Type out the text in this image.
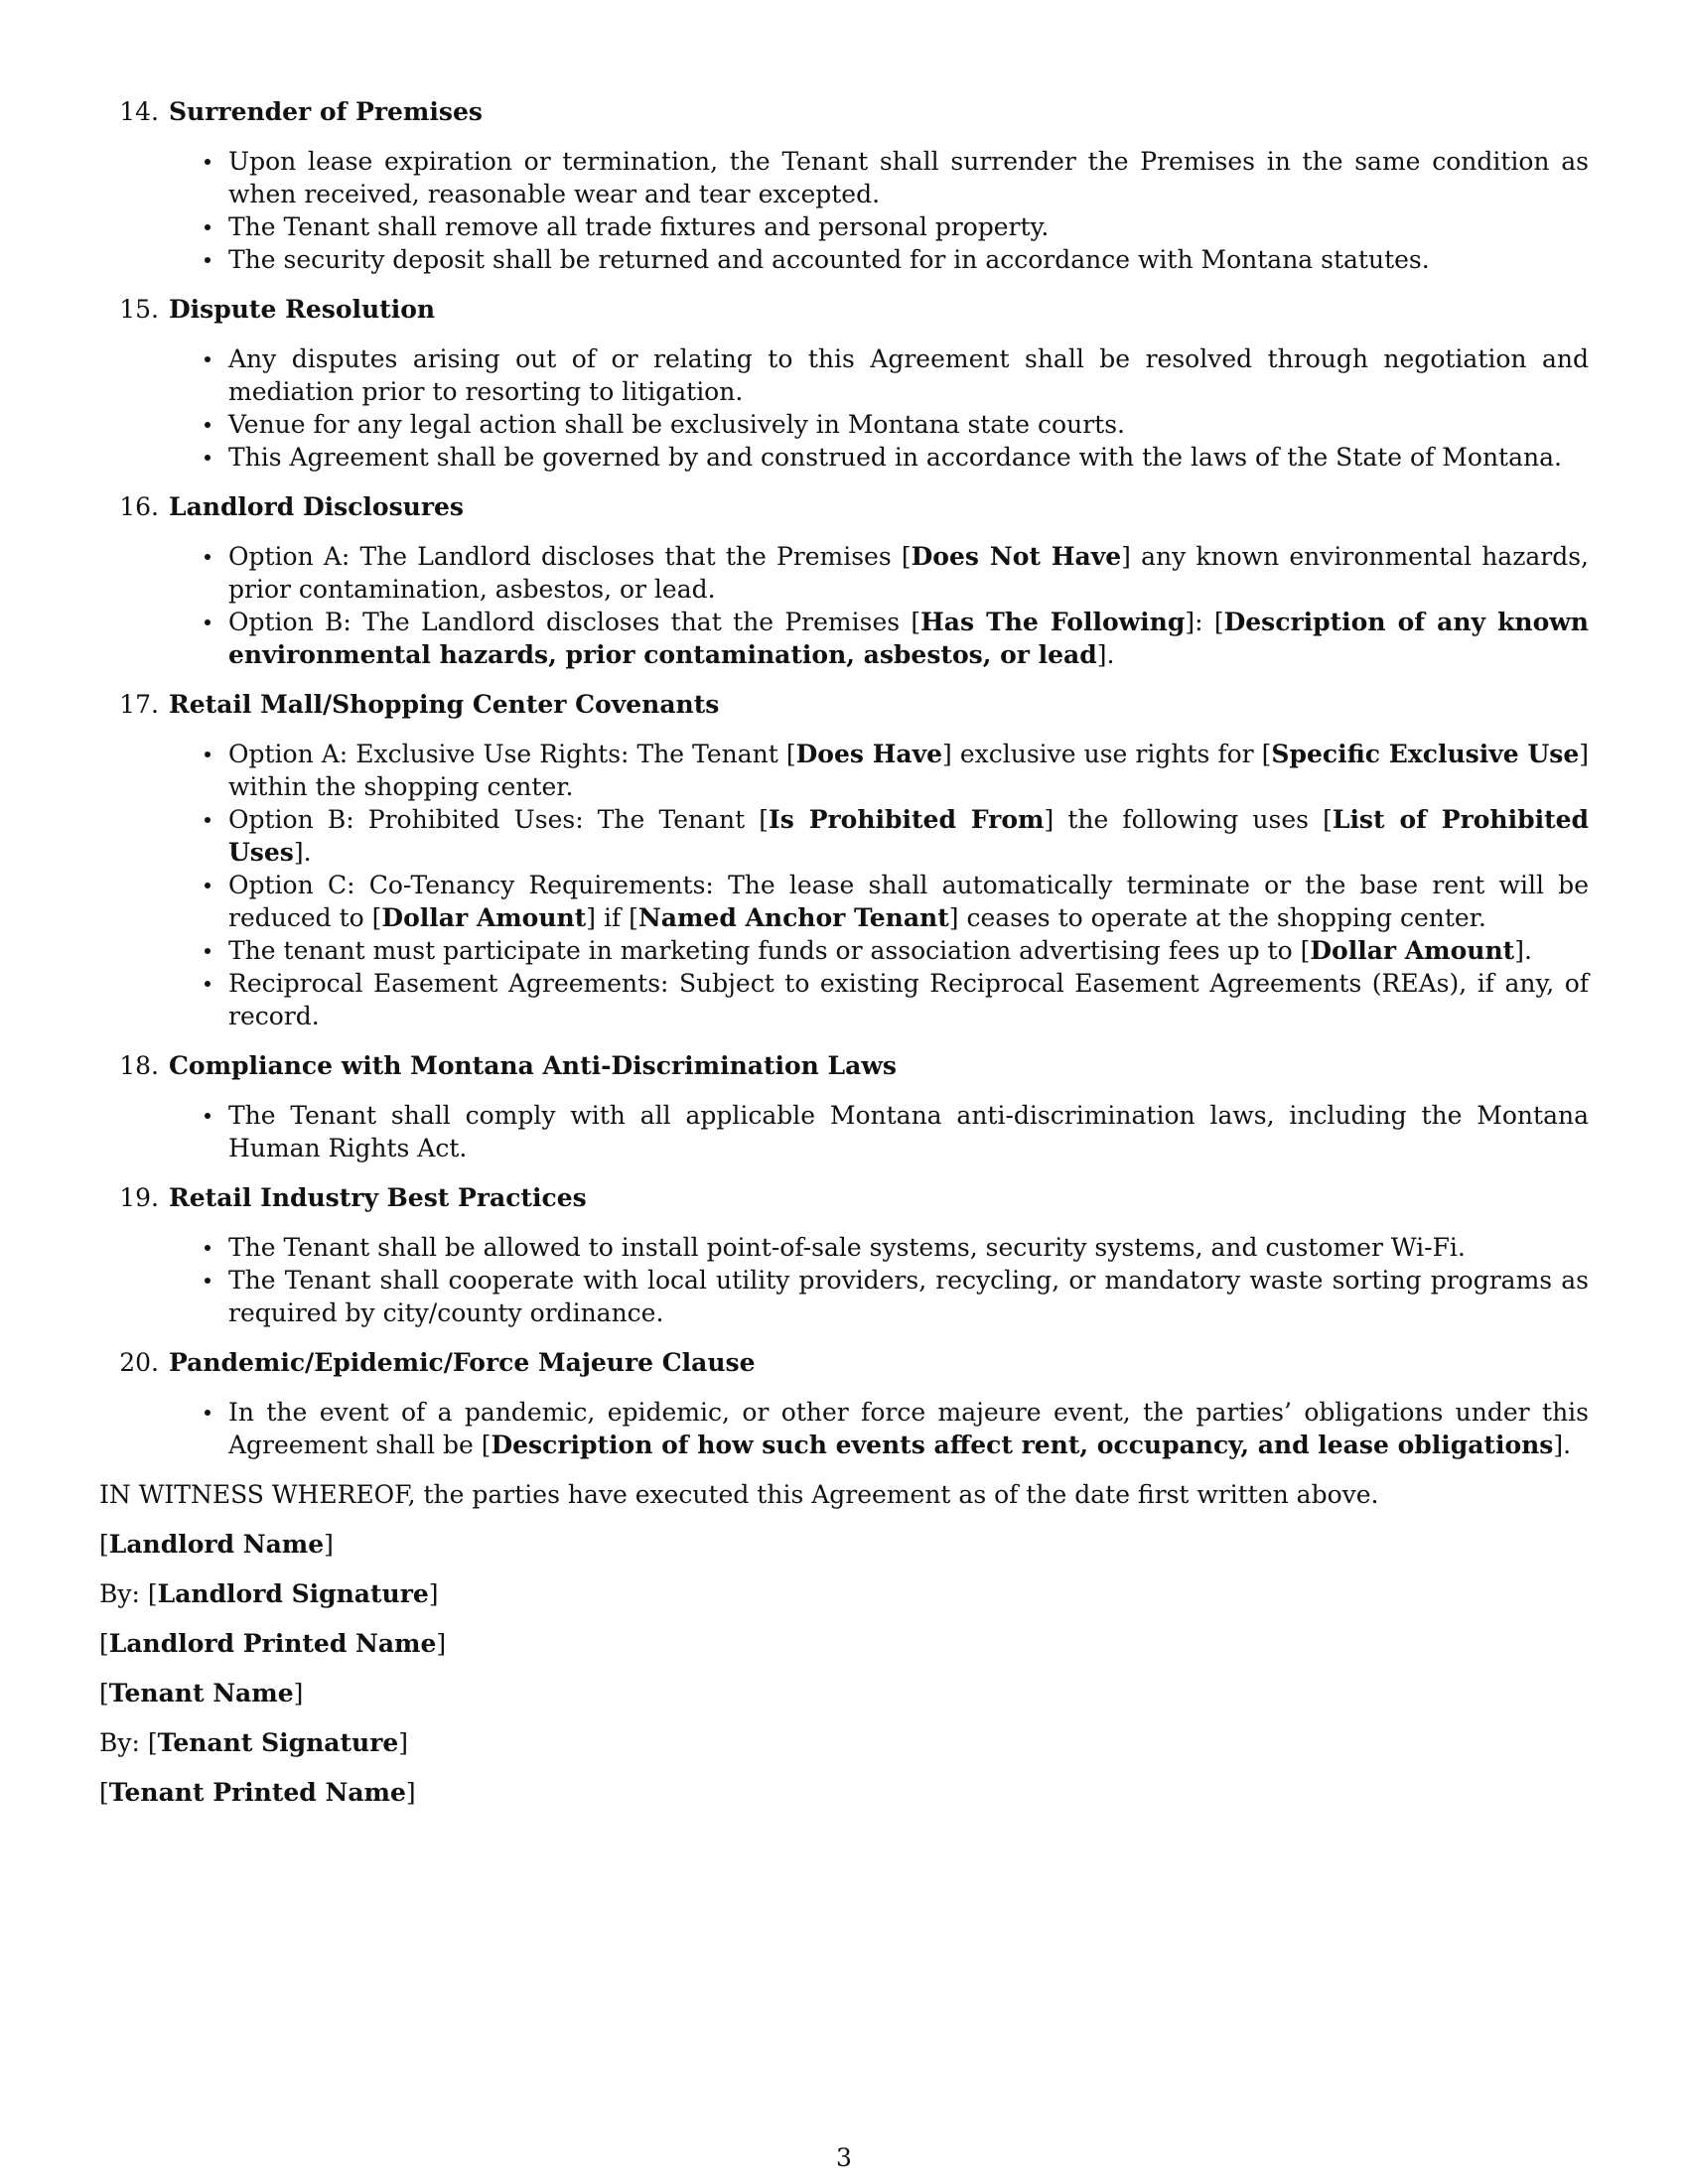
14. Surrender of Premises
Upon lease expiration or termination, the Tenant shall surrender the Premises in the same condition as when received, reasonable wear and tear excepted.
The Tenant shall remove all trade fixtures and personal property.
The security deposit shall be returned and accounted for in accordance with Montana statutes.
15. Dispute Resolution
Any disputes arising out of or relating to this Agreement shall be resolved through negotiation and mediation prior to resorting to litigation.
Venue for any legal action shall be exclusively in Montana state courts.
This Agreement shall be governed by and construed in accordance with the laws of the State of Montana.
16. Landlord Disclosures
Option A: The Landlord discloses that the Premises [Does Not Have] any known environmental hazards, prior contamination, asbestos, or lead.
Option B: The Landlord discloses that the Premises [Has The Following]: [Description of any known environmental hazards, prior contamination, asbestos, or lead].
17. Retail Mall/Shopping Center Covenants
Option A: Exclusive Use Rights: The Tenant [Does Have] exclusive use rights for [Specific Exclusive Use] within the shopping center.
Option B: Prohibited Uses: The Tenant [Is Prohibited From] the following uses [List of Prohibited Uses].
Option C: Co-Tenancy Requirements: The lease shall automatically terminate or the base rent will be reduced to [Dollar Amount] if [Named Anchor Tenant] ceases to operate at the shopping center.
The tenant must participate in marketing funds or association advertising fees up to [Dollar Amount].
Reciprocal Easement Agreements: Subject to existing Reciprocal Easement Agreements (REAs), if any, of record.
18. Compliance with Montana Anti-Discrimination Laws
The Tenant shall comply with all applicable Montana anti-discrimination laws, including the Montana Human Rights Act.
19. Retail Industry Best Practices
The Tenant shall be allowed to install point-of-sale systems, security systems, and customer Wi-Fi.
The Tenant shall cooperate with local utility providers, recycling, or mandatory waste sorting programs as required by city/county ordinance.
20. Pandemic/Epidemic/Force Majeure Clause
In the event of a pandemic, epidemic, or other force majeure event, the parties’ obligations under this Agreement shall be [Description of how such events affect rent, occupancy, and lease obligations].
IN WITNESS WHEREOF, the parties have executed this Agreement as of the date first written above.
[Landlord Name]
By: [Landlord Signature]
[Landlord Printed Name]
[Tenant Name]
By: [Tenant Signature]
[Tenant Printed Name]
3
